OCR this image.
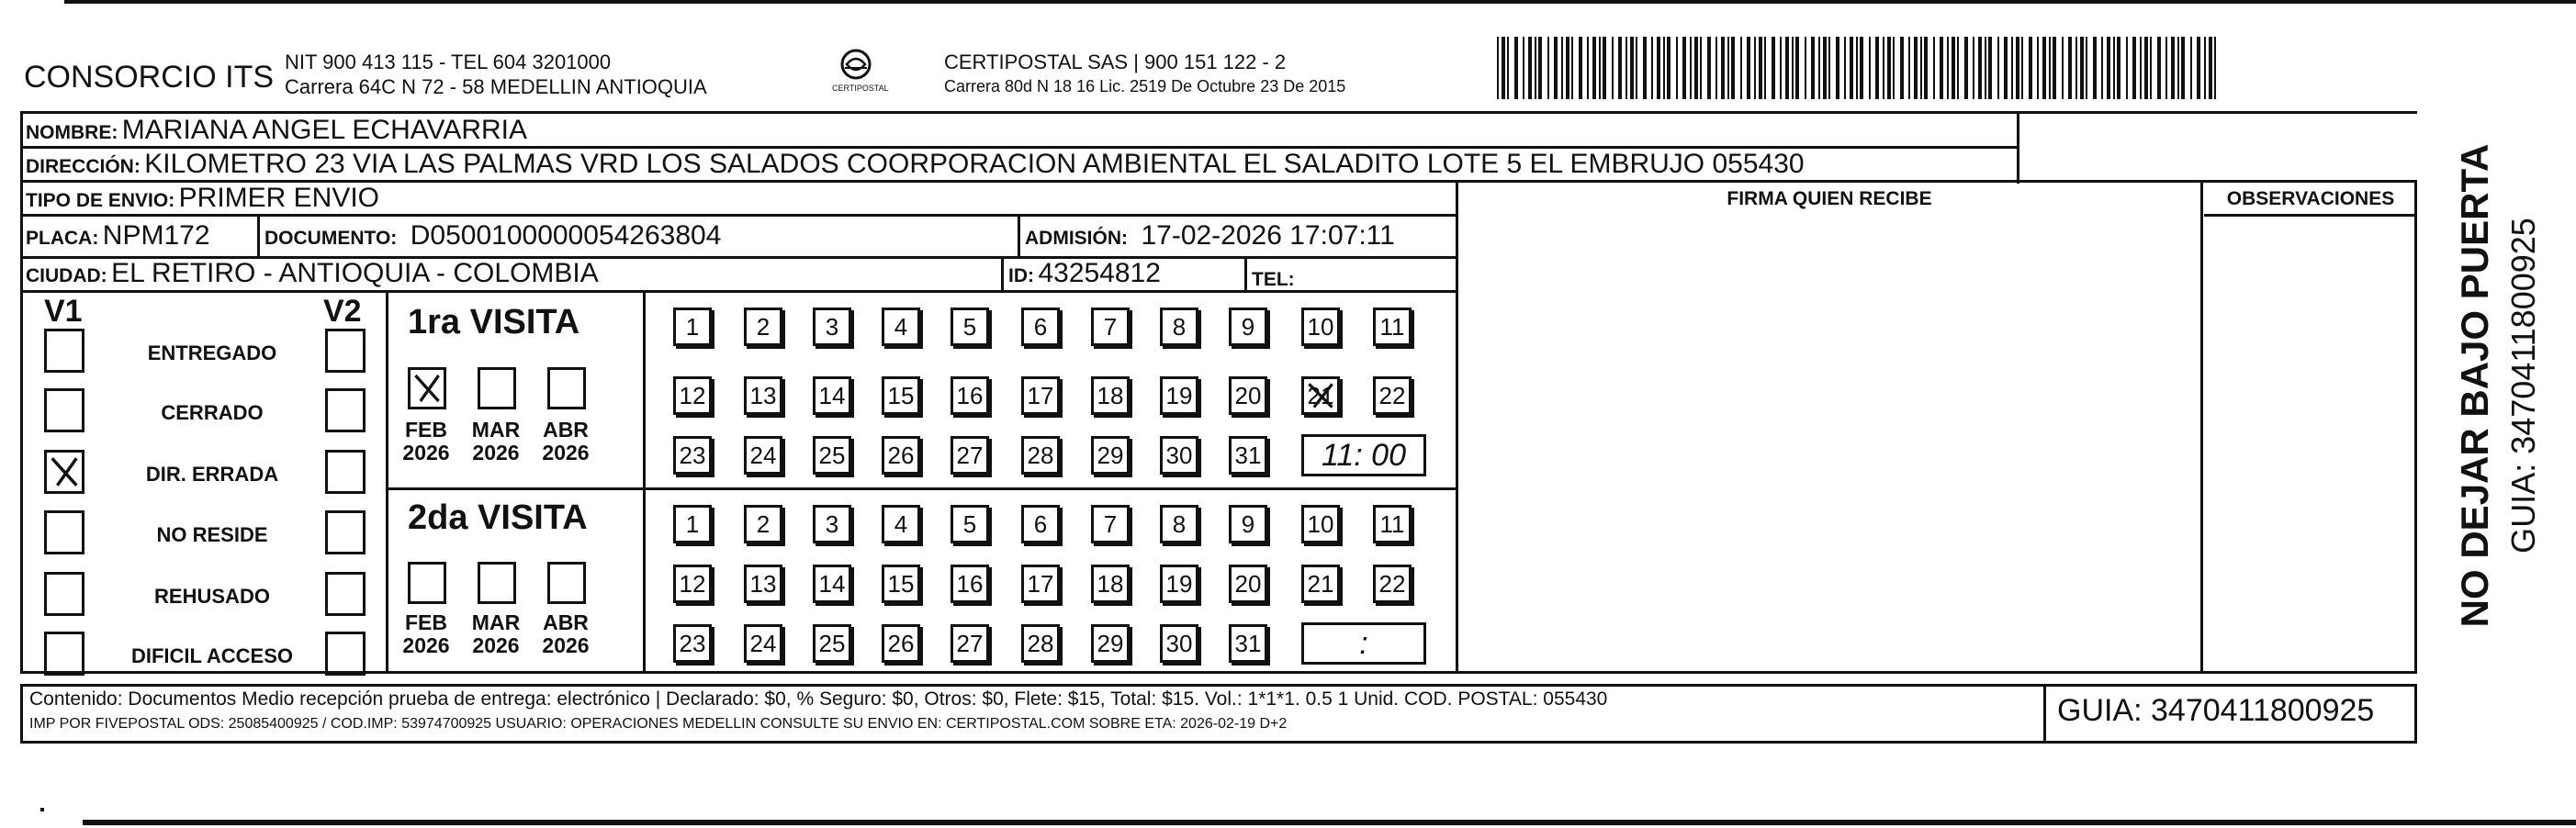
CONSORCIO ITS NIT 900 413 115 - TEL 604 3201000
Carrera 64C N 72 - 58 MEDELLIN ANTIOQUIA	CERTIPOSTAL
CERTIPOSTAL SAS | 900 151 122 - 2
Carrera 80d N 18 16 Lic. 2519 De Octubre 23 De 2015
NOMBRE: MARIANA ANGEL ECHAVARRIA
DIRECCIÓN: KILOMETRO 23 VIA LAS PALMAS VRD LOS SALADOS COORPORACION AMBIENTAL EL SALADITO LOTE 5 EL EMBRUJO 055430
TIPO DE ENVIO: PRIMER ENVIO	FIRMA QUIEN RECIBE	OBSERVACIONES
PLACA: NPM172	DOCUMENTO: D0500100000054263804	ADMISIÓN: 17-02-2026 17:07:11
CIUDAD: EL RETIRO - ANTIOQUIA - COLOMBIA	ID: 43254812	TEL:
V1	V2
ENTREGADO
CERRADO
DIR. ERRADA
NO RESIDE
REHUSADO
DIFICIL ACCESO
1ra VISITA
2da VISITA
FEB
2026
MAR
2026
ABR
2026
FEB
2026
MAR
2026
ABR
2026
1	2	3	4	5	6	7	8	9	10 11
12 13 14 15 16 17 18 19 20 21 22
23 24 25 26 27 28 29 30 31	11: 00
1	2	3	4	5	6	7	8	9	10 11
12 13 14 15 16 17 18 19 20 21 22
23 24 25 26 27 28 29 30 31	:
Contenido: Documentos Medio recepción prueba de entrega: electrónico | Declarado: $0, % Seguro: $0, Otros: $0, Flete: $15, Total: $15. Vol.: 1*1*1. 0.5 1 Unid. COD. POSTAL: 055430
IMP POR FIVEPOSTAL ODS: 25085400925 / COD.IMP: 53974700925 USUARIO: OPERACIONES MEDELLIN CONSULTE SU ENVIO EN: CERTIPOSTAL.COM SOBRE ETA: 2026-02-19 D+2	GUIA: 3470411800925
NO DEJAR BAJO PUERTA GUIA: 3470411800925
